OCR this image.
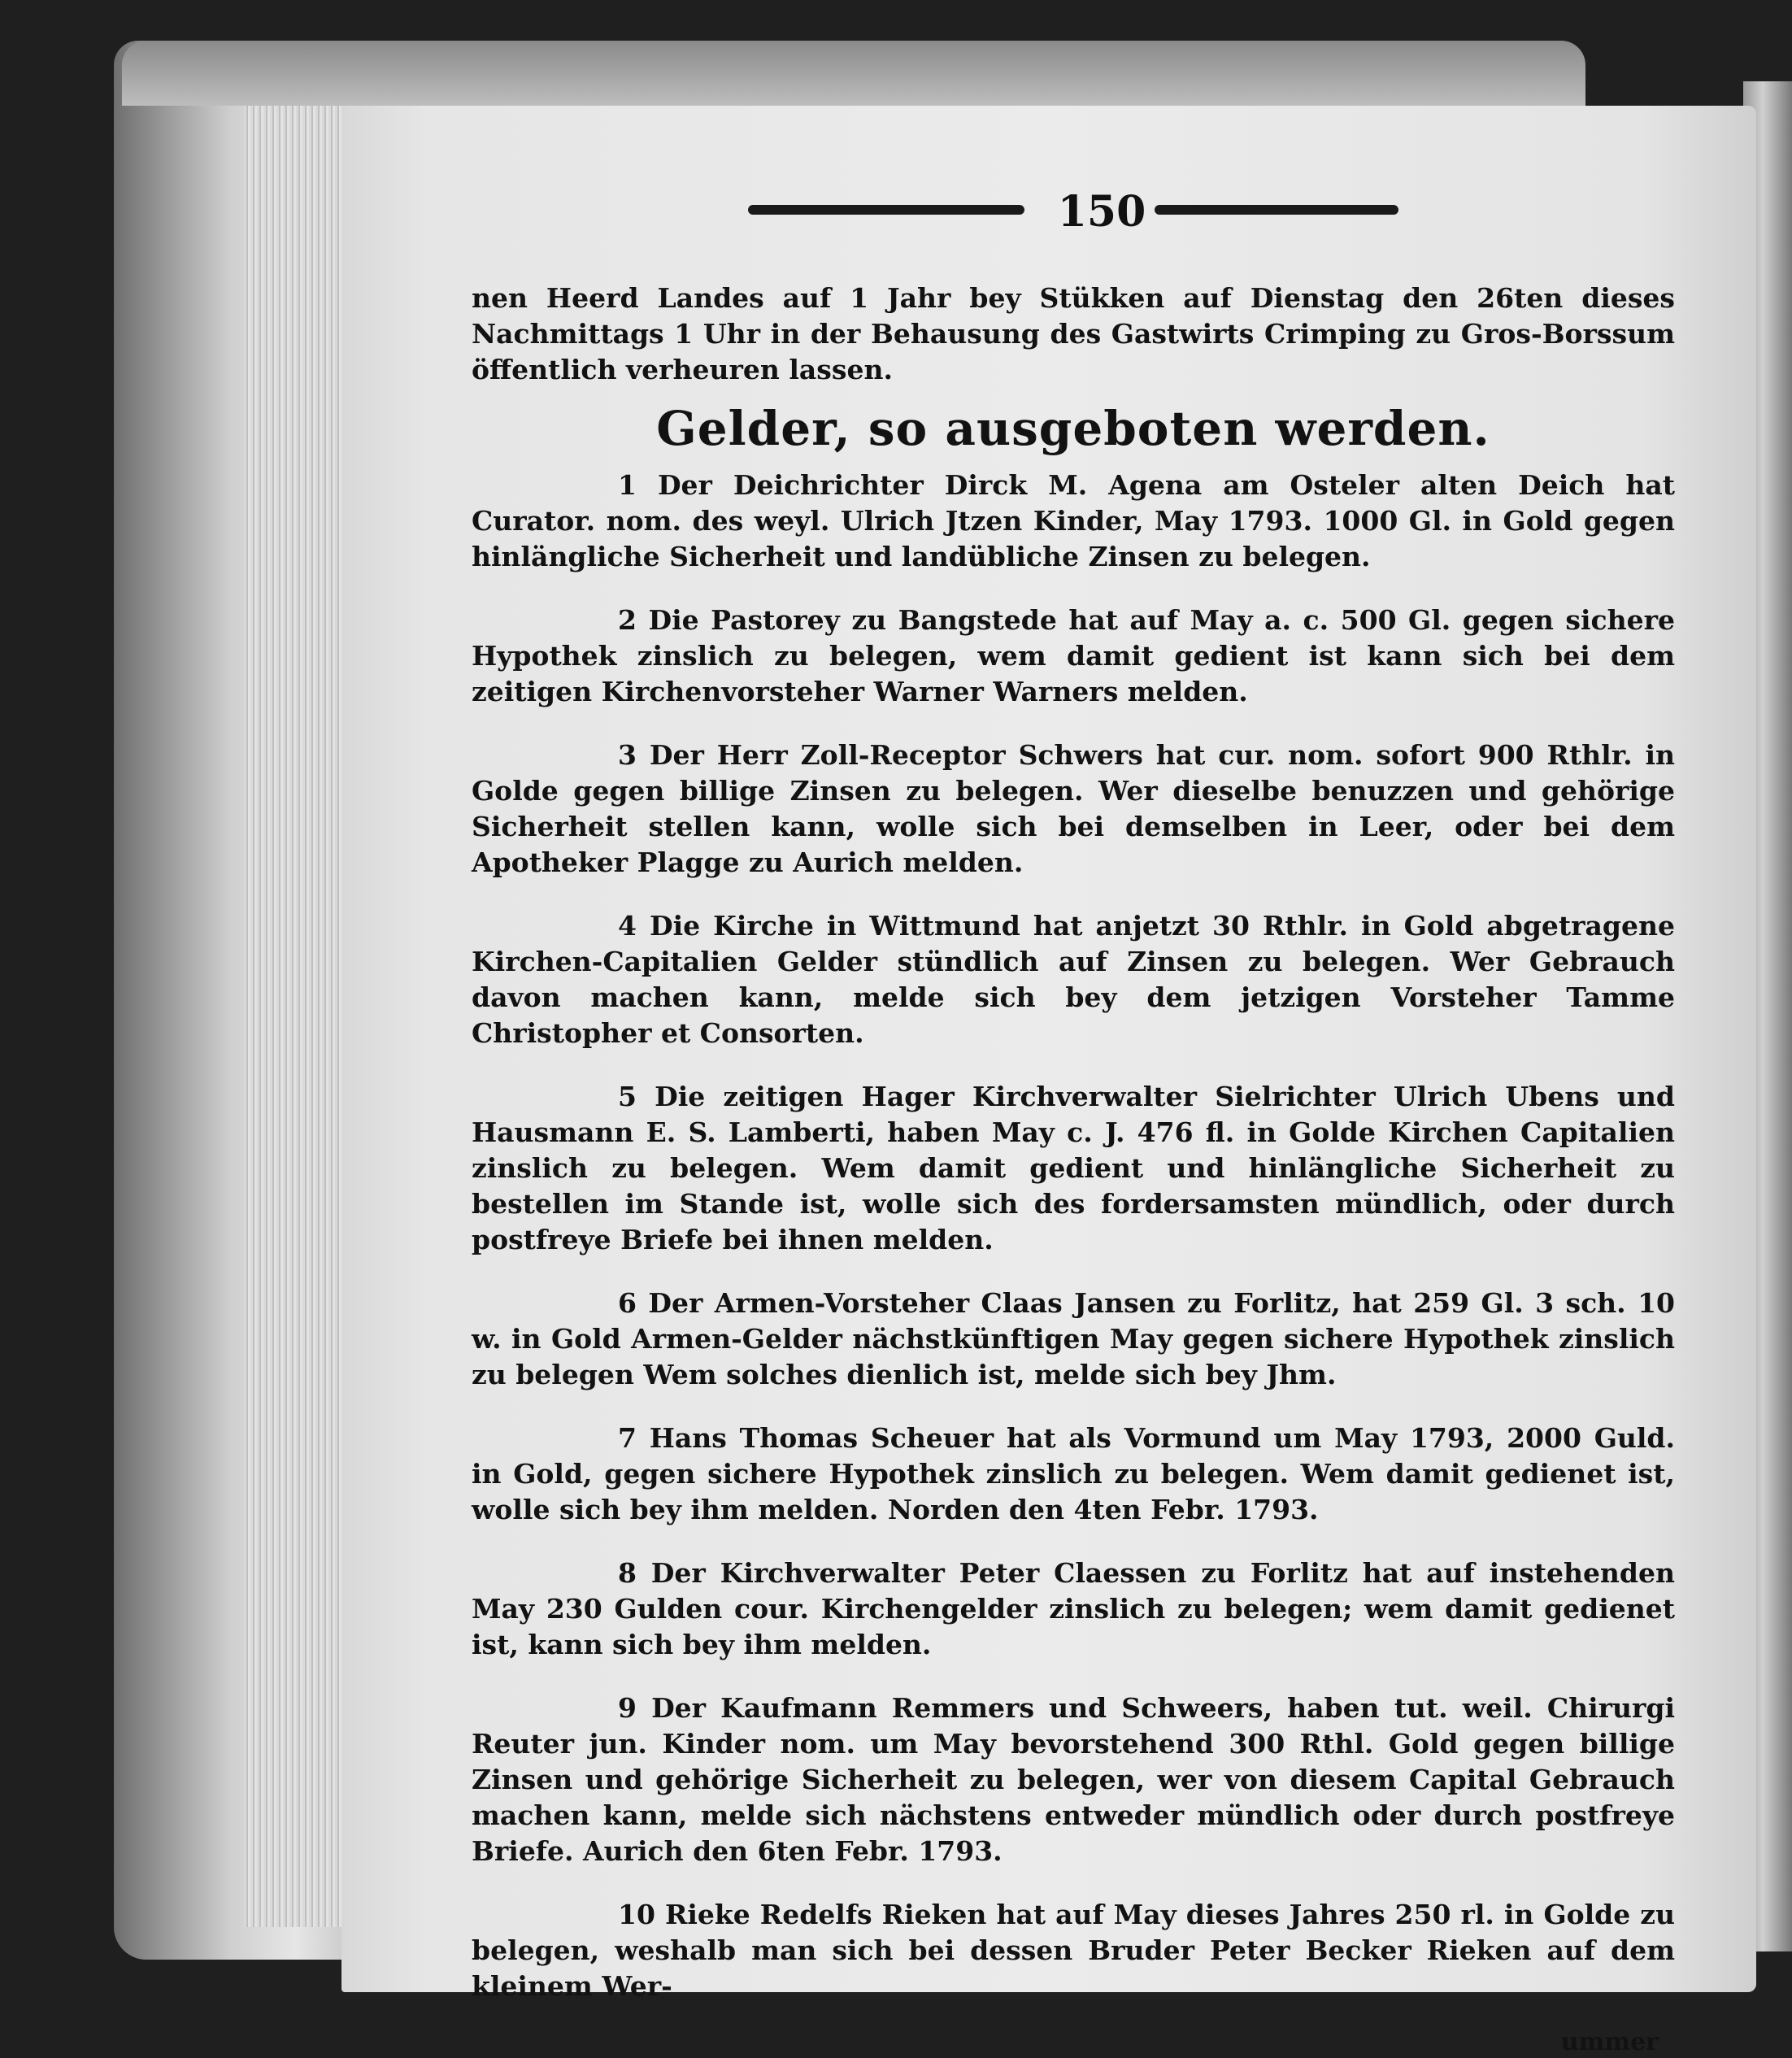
150

nen Heerd Landes auf 1 Jahr bey Stükken auf Dienstag den 26ten dieses Nachmittags 1 Uhr in der Behausung des Gastwirts Crimping zu Gros-Borssum öffentlich verheuren lassen.

Gelder, so ausgeboten werden.

1 Der Deichrichter Dirck M. Agena am Osteler alten Deich hat Curator. nom. des weyl. Ulrich Jtzen Kinder, May 1793. 1000 Gl. in Gold gegen hinlängliche Sicherheit und landübliche Zinsen zu belegen.

2 Die Pastorey zu Bangstede hat auf May a. c. 500 Gl. gegen sichere Hypothek zinslich zu belegen, wem damit gedient ist kann sich bei dem zeitigen Kirchenvorsteher Warner Warners melden.

3 Der Herr Zoll-Receptor Schwers hat cur. nom. sofort 900 Rthlr. in Golde gegen billige Zinsen zu belegen. Wer dieselbe benuzzen und gehörige Sicherheit stellen kann, wolle sich bei demselben in Leer, oder bei dem Apotheker Plagge zu Aurich melden.

4 Die Kirche in Wittmund hat anjetzt 30 Rthlr. in Gold abgetragene Kirchen-Capitalien Gelder stündlich auf Zinsen zu belegen. Wer Gebrauch davon machen kann, melde sich bey dem jetzigen Vorsteher Tamme Christopher et Consorten.

5 Die zeitigen Hager Kirchverwalter Sielrichter Ulrich Ubens und Hausmann E. S. Lamberti, haben May c. J. 476 fl. in Golde Kirchen Capitalien zinslich zu belegen. Wem damit gedient und hinlängliche Sicherheit zu bestellen im Stande ist, wolle sich des fordersamsten mündlich, oder durch postfreye Briefe bei ihnen melden.

6 Der Armen-Vorsteher Claas Jansen zu Forlitz, hat 259 Gl. 3 sch. 10 w. in Gold Armen-Gelder nächstkünftigen May gegen sichere Hypothek zinslich zu belegen Wem solches dienlich ist, melde sich bey Jhm.

7 Hans Thomas Scheuer hat als Vormund um May 1793, 2000 Guld. in Gold, gegen sichere Hypothek zinslich zu belegen. Wem damit gedienet ist, wolle sich bey ihm melden. Norden den 4ten Febr. 1793.

8 Der Kirchverwalter Peter Claessen zu Forlitz hat auf instehenden May 230 Gulden cour. Kirchengelder zinslich zu belegen; wem damit gedienet ist, kann sich bey ihm melden.

9 Der Kaufmann Remmers und Schweers, haben tut. weil. Chirurgi Reuter jun. Kinder nom. um May bevorstehend 300 Rthl. Gold gegen billige Zinsen und gehörige Sicherheit zu belegen, wer von diesem Capital Gebrauch machen kann, melde sich nächstens entweder mündlich oder durch postfreye Briefe. Aurich den 6ten Febr. 1793.

10 Rieke Redelfs Rieken hat auf May dieses Jahres 250 rl. in Golde zu belegen, weshalb man sich bei dessen Bruder Peter Becker Rieken auf dem kleinem Wer-

ummer
